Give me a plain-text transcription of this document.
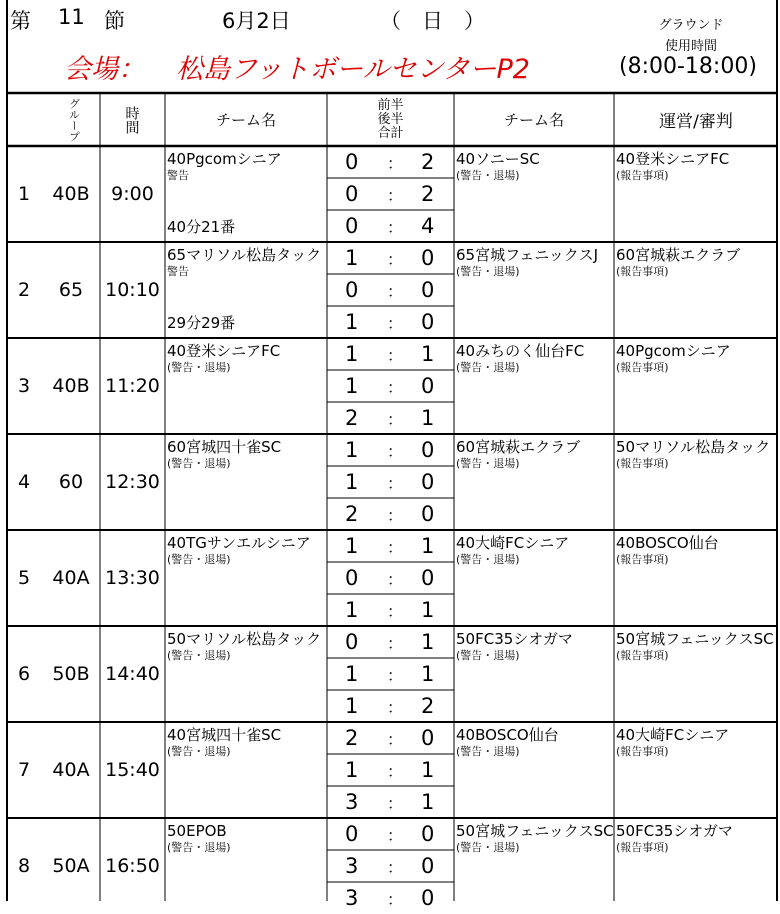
第 11 節	6月2日	（　日　）
会場： 松島フットボールセンターP2
グラウンド
使用時間
(8:00-18:00)
グループ	時間	チーム名
前半
後半
合計
チーム名	運営/審判
1	40B	9:00
40Pgcomシニア
警告
40分21番
0 ： 2
0 ： 2
0 ： 4
40ソニーSC
(警告・退場)
40登米シニアFC
(報告事項)
2	65	10:10
65マリソル松島タック
警告
29分29番
1 ： 0
0 ： 0
1 ： 0
65宮城フェニックスJ
(警告・退場)
60宮城萩エクラブ
(報告事項)
3	40B 11:20
40登米シニアFC
(警告・退場)
1 ： 1
1 ： 0
2 ： 1
40みちのく仙台FC
(警告・退場)
40Pgcomシニア
(報告事項)
4	60	12:30
60宮城四十雀SC
(警告・退場)
1 ： 0
1 ： 0
2 ： 0
60宮城萩エクラブ
(警告・退場)
50マリソル松島タック
(報告事項)
5	40A 13:30
40TGサンエルシニア
(警告・退場)
1 ： 1
0 ： 0
1 ： 1
40大崎FCシニア
(警告・退場)
40BOSCO仙台
(報告事項)
6	50B 14:40
50マリソル松島タック
(警告・退場)
0 ： 1
1 ： 1
1 ： 2
50FC35シオガマ
(警告・退場)
50宮城フェニックスSC
(報告事項)
7	40A 15:40
40宮城四十雀SC
(警告・退場)
2 ： 0
1 ： 1
3 ： 1
40BOSCO仙台
(警告・退場)
40大崎FCシニア
(報告事項)
8	50A 16:50
50EPOB
(警告・退場)
0 ： 0
3 ： 0
3 ： 0
50宮城フェニックスSC
(警告・退場)
50FC35シオガマ
(報告事項)
